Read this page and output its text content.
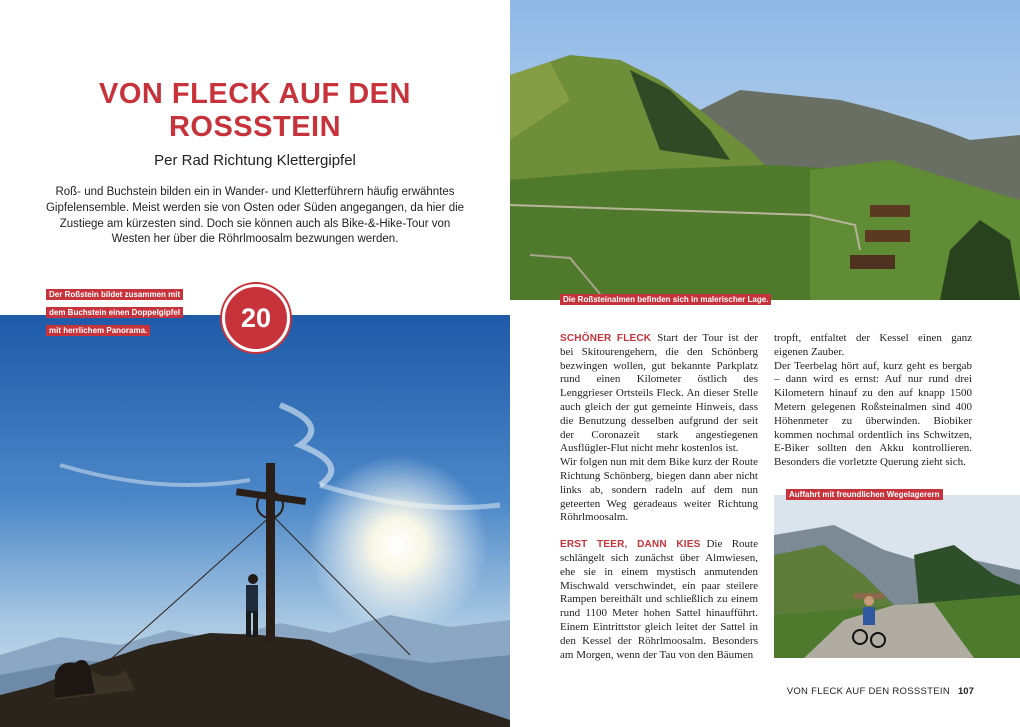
VON FLECK AUF DEN ROSSSTEIN
Per Rad Richtung Klettergipfel
Roß- und Buchstein bilden ein in Wander- und Kletterführern häufig erwähntes Gipfelensemble. Meist werden sie von Osten oder Süden angegangen, da hier die Zustiege am kürzesten sind. Doch sie können auch als Bike-&-Hike-Tour von Westen her über die Röhrlmoosalm bezwungen werden.
Der Roßstein bildet zusammen mit
dem Buchstein einen Doppelgipfel
mit herrlichem Panorama.	20
Die Roßsteinalmen befinden sich in malerischer Lage.

SCHÖNER FLECK Start der Tour ist der bei Skitourengehern, die den Schönberg bezwingen wollen, gut bekannte Parkplatz rund einen Kilometer östlich des Lenggrieser Ortsteils Fleck. An dieser Stelle auch gleich der gut gemeinte Hinweis, dass die Benutzung desselben aufgrund der seit der Coronazeit stark angestiegenen Ausflügler-Flut nicht mehr kostenlos ist.

Wir folgen nun mit dem Bike kurz der Route Richtung Schönberg, biegen dann aber nicht links ab, sondern radeln auf dem nun geteerten Weg geradeaus weiter Richtung Röhrlmoosalm.

ERST TEER, DANN KIES Die Route schlängelt sich zunächst über Almwiesen, ehe sie in einem mystisch anmutenden Mischwald verschwindet, ein paar steilere Rampen bereithält und schließlich zu einem rund 1100 Meter hohen Sattel hinaufführt. Einem Eintrittstor gleich leitet der Sattel in den Kessel der Röhrlmoosalm. Besonders am Morgen, wenn der Tau von den Bäumen

tropft, entfaltet der Kessel einen ganz eigenen Zauber.

Der Teerbelag hört auf, kurz geht es bergab – dann wird es ernst: Auf nur rund drei Kilometern hinauf zu den auf knapp 1500 Metern gelegenen Roßsteinalmen sind 400 Höhenmeter zu überwinden. Biobiker kommen nochmal ordentlich ins Schwitzen, E-Biker sollten den Akku kontrollieren. Besonders die vorletzte Querung zieht sich.

Auffahrt mit freundlichen Wegelagerern
VON FLECK AUF DEN ROSSSTEIN 107
